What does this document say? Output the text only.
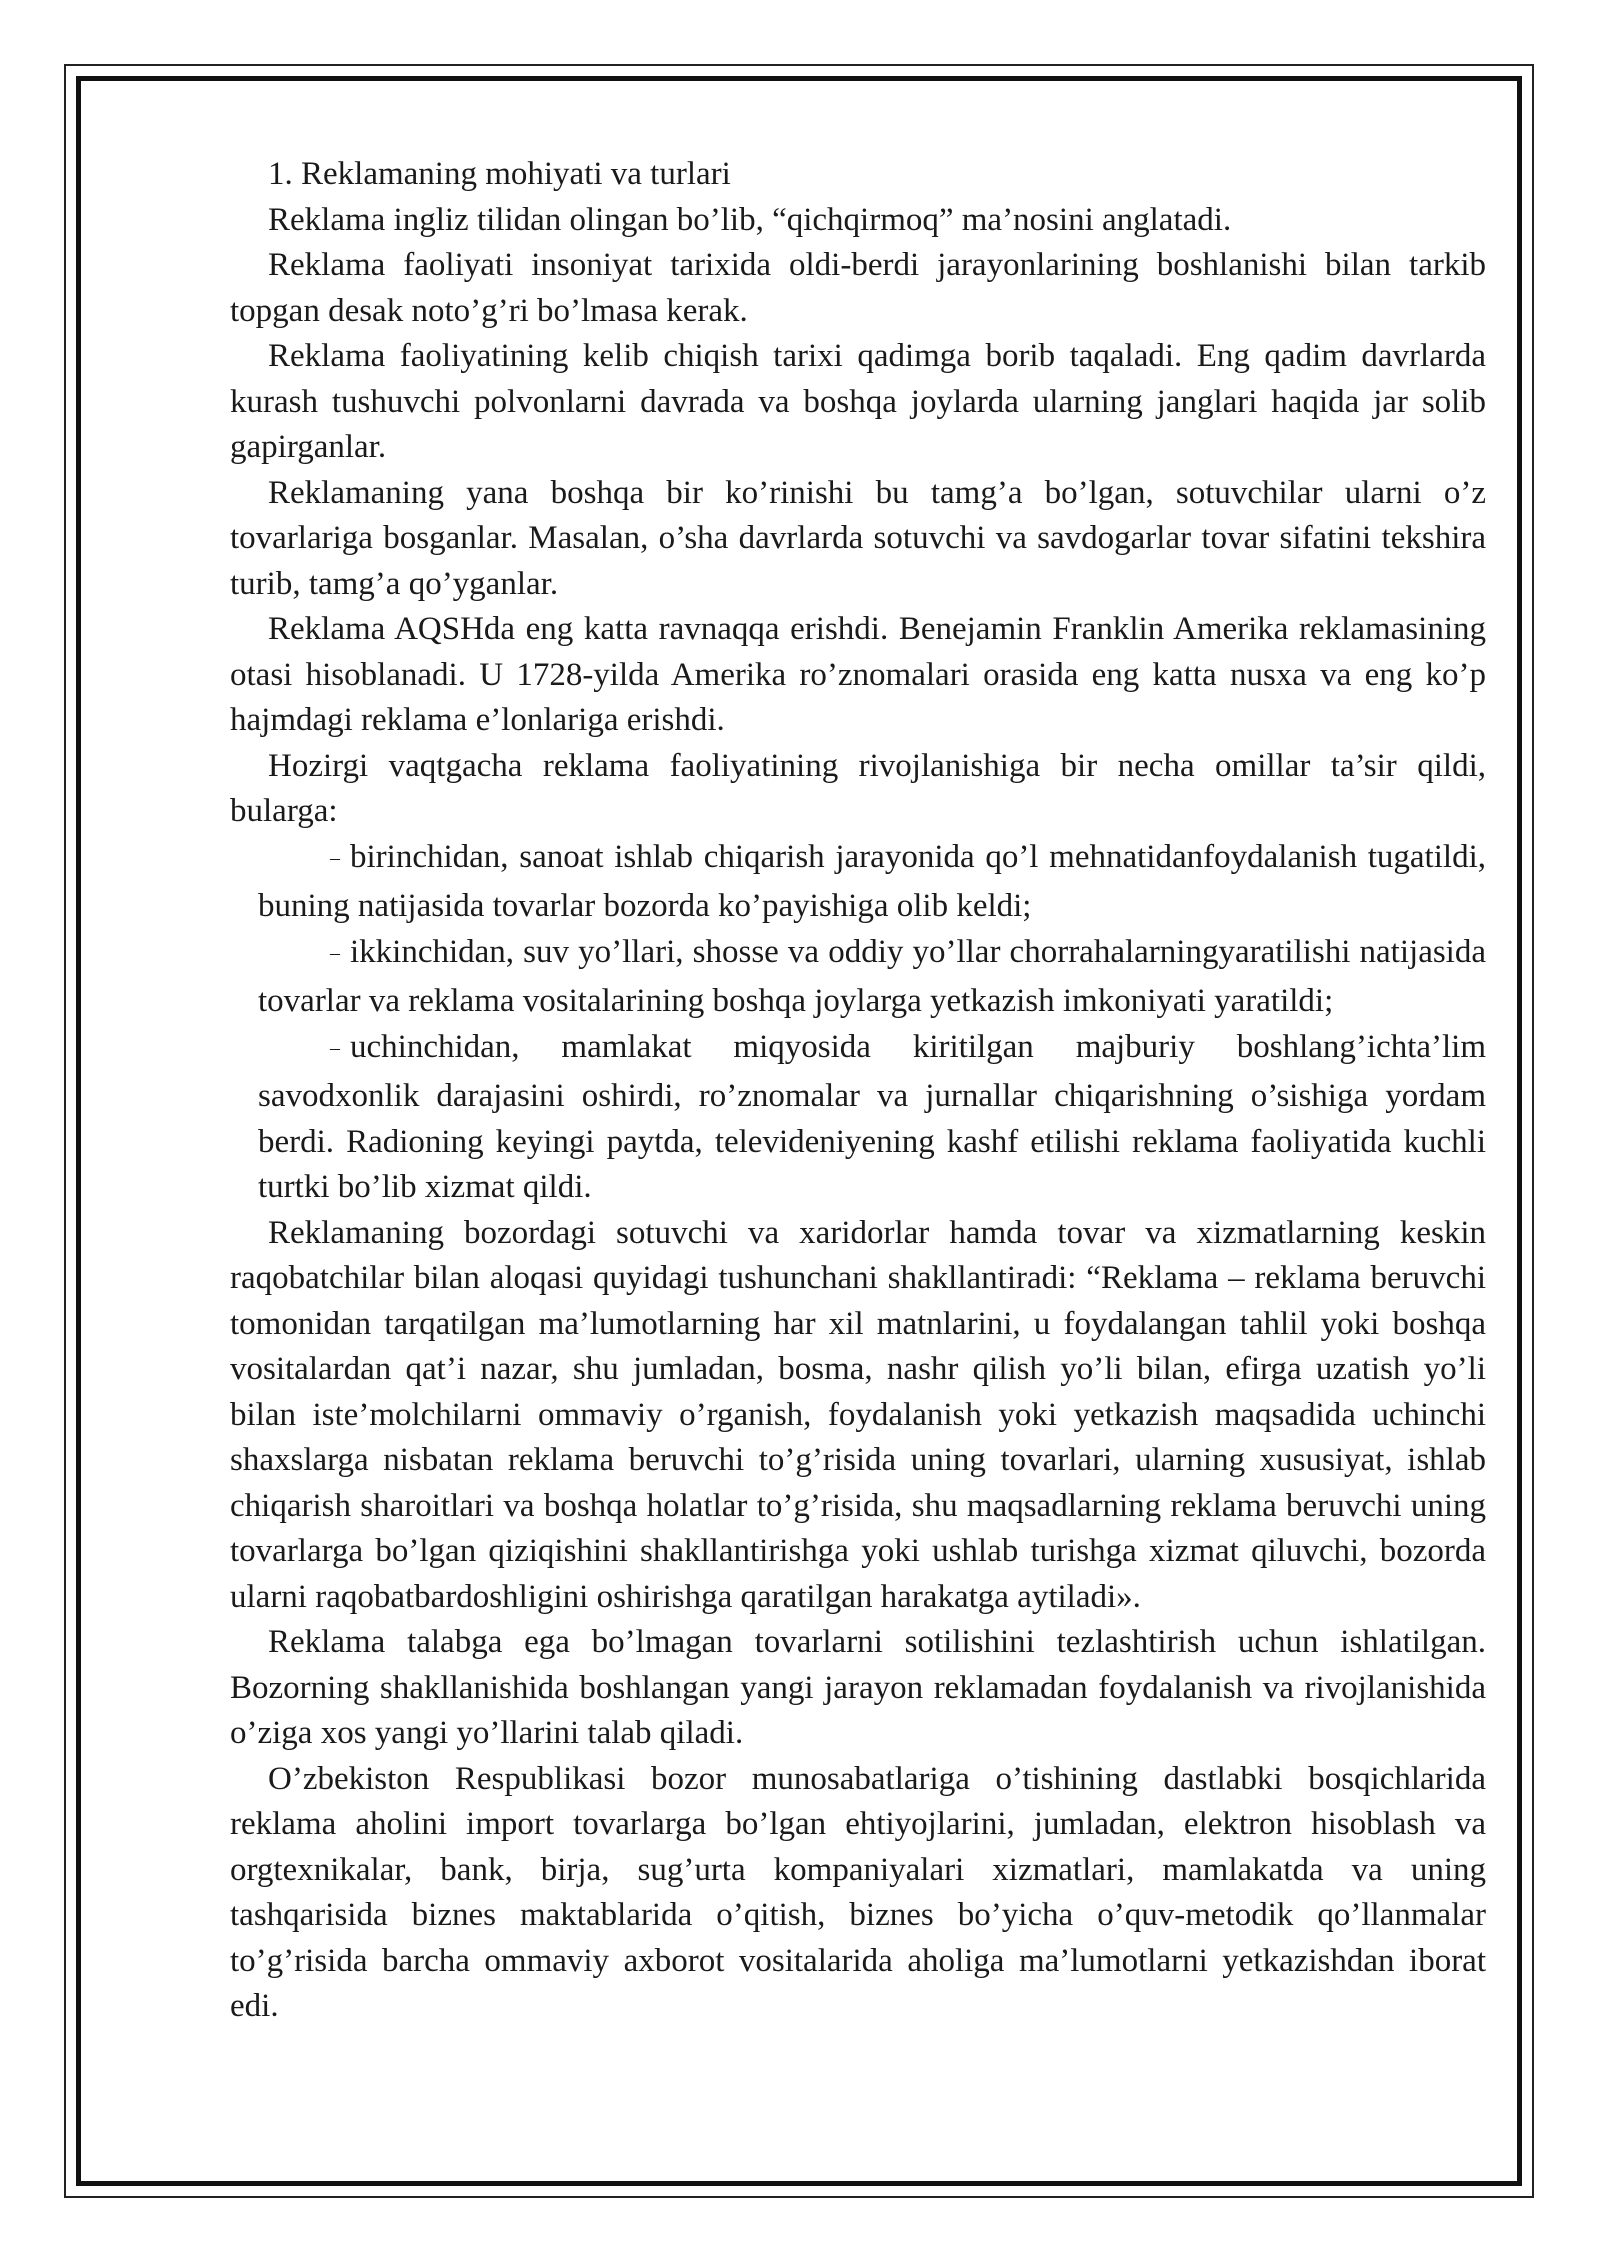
1. Reklamaning mohiyati va turlari

Reklama ingliz tilidan olingan bo’lib, “qichqirmoq” ma’nosini anglatadi.

Reklama faoliyati insoniyat tarixida oldi-berdi jarayonlarining boshlanishi bilan tarkib topgan desak noto’g’ri bo’lmasa kerak.

Reklama faoliyatining kelib chiqish tarixi qadimga borib taqaladi. Eng qadim davrlarda kurash tushuvchi polvonlarni davrada va boshqa joylarda ularning janglari haqida jar solib gapirganlar.

Reklamaning yana boshqa bir ko’rinishi bu tamg’a bo’lgan, sotuvchilar ularni o’z tovarlariga bosganlar. Masalan, o’sha davrlarda sotuvchi va savdogarlar tovar sifatini tekshira turib, tamg’a qo’yganlar.

Reklama AQSHda eng katta ravnaqqa erishdi. Benejamin Franklin Amerika reklamasining otasi hisoblanadi. U 1728-yilda Amerika ro’znomalari orasida eng katta nusxa va eng ko’p hajmdagi reklama e’lonlariga erishdi.

Hozirgi vaqtgacha reklama faoliyatining rivojlanishiga bir necha omillar ta’sir qildi, bularga:

– birinchidan, sanoat ishlab chiqarish jarayonida qo’l mehnatidanfoydalanish tugatildi, buning natijasida tovarlar bozorda ko’payishiga olib keldi;
– ikkinchidan, suv yo’llari, shosse va oddiy yo’llar chorrahalarningyaratilishi natijasida tovarlar va reklama vositalarining boshqa joylarga yetkazish imkoniyati yaratildi;
– uchinchidan, mamlakat miqyosida kiritilgan majburiy boshlang’ichta’lim savodxonlik darajasini oshirdi, ro’znomalar va jurnallar chiqarishning o’sishiga yordam berdi. Radioning keyingi paytda, televideniyening kashf etilishi reklama faoliyatida kuchli turtki bo’lib xizmat qildi.

Reklamaning bozordagi sotuvchi va xaridorlar hamda tovar va xizmatlarning keskin raqobatchilar bilan aloqasi quyidagi tushunchani shakllantiradi: “Reklama – reklama beruvchi tomonidan tarqatilgan ma’lumotlarning har xil matnlarini, u foydalangan tahlil yoki boshqa vositalardan qat’i nazar, shu jumladan, bosma, nashr qilish yo’li bilan, efirga uzatish yo’li bilan iste’molchilarni ommaviy o’rganish, foydalanish yoki yetkazish maqsadida uchinchi shaxslarga nisbatan reklama beruvchi to’g’risida uning tovarlari, ularning xususiyat, ishlab chiqarish sharoitlari va boshqa holatlar to’g’risida, shu maqsadlarning reklama beruvchi uning tovarlarga bo’lgan qiziqishini shakllantirishga yoki ushlab turishga xizmat qiluvchi, bozorda ularni raqobatbardoshligini oshirishga qaratilgan harakatga aytiladi».

Reklama talabga ega bo’lmagan tovarlarni sotilishini tezlashtirish uchun ishlatilgan. Bozorning shakllanishida boshlangan yangi jarayon reklamadan foydalanish va rivojlanishida o’ziga xos yangi yo’llarini talab qiladi.

O’zbekiston Respublikasi bozor munosabatlariga o’tishining dastlabki bosqichlarida reklama aholini import tovarlarga bo’lgan ehtiyojlarini, jumladan, elektron hisoblash va orgtexnikalar, bank, birja, sug’urta kompaniyalari xizmatlari, mamlakatda va uning tashqarisida biznes maktablarida o’qitish, biznes bo’yicha o’quv-metodik qo’llanmalar to’g’risida barcha ommaviy axborot vositalarida aholiga ma’lumotlarni yetkazishdan iborat edi.
